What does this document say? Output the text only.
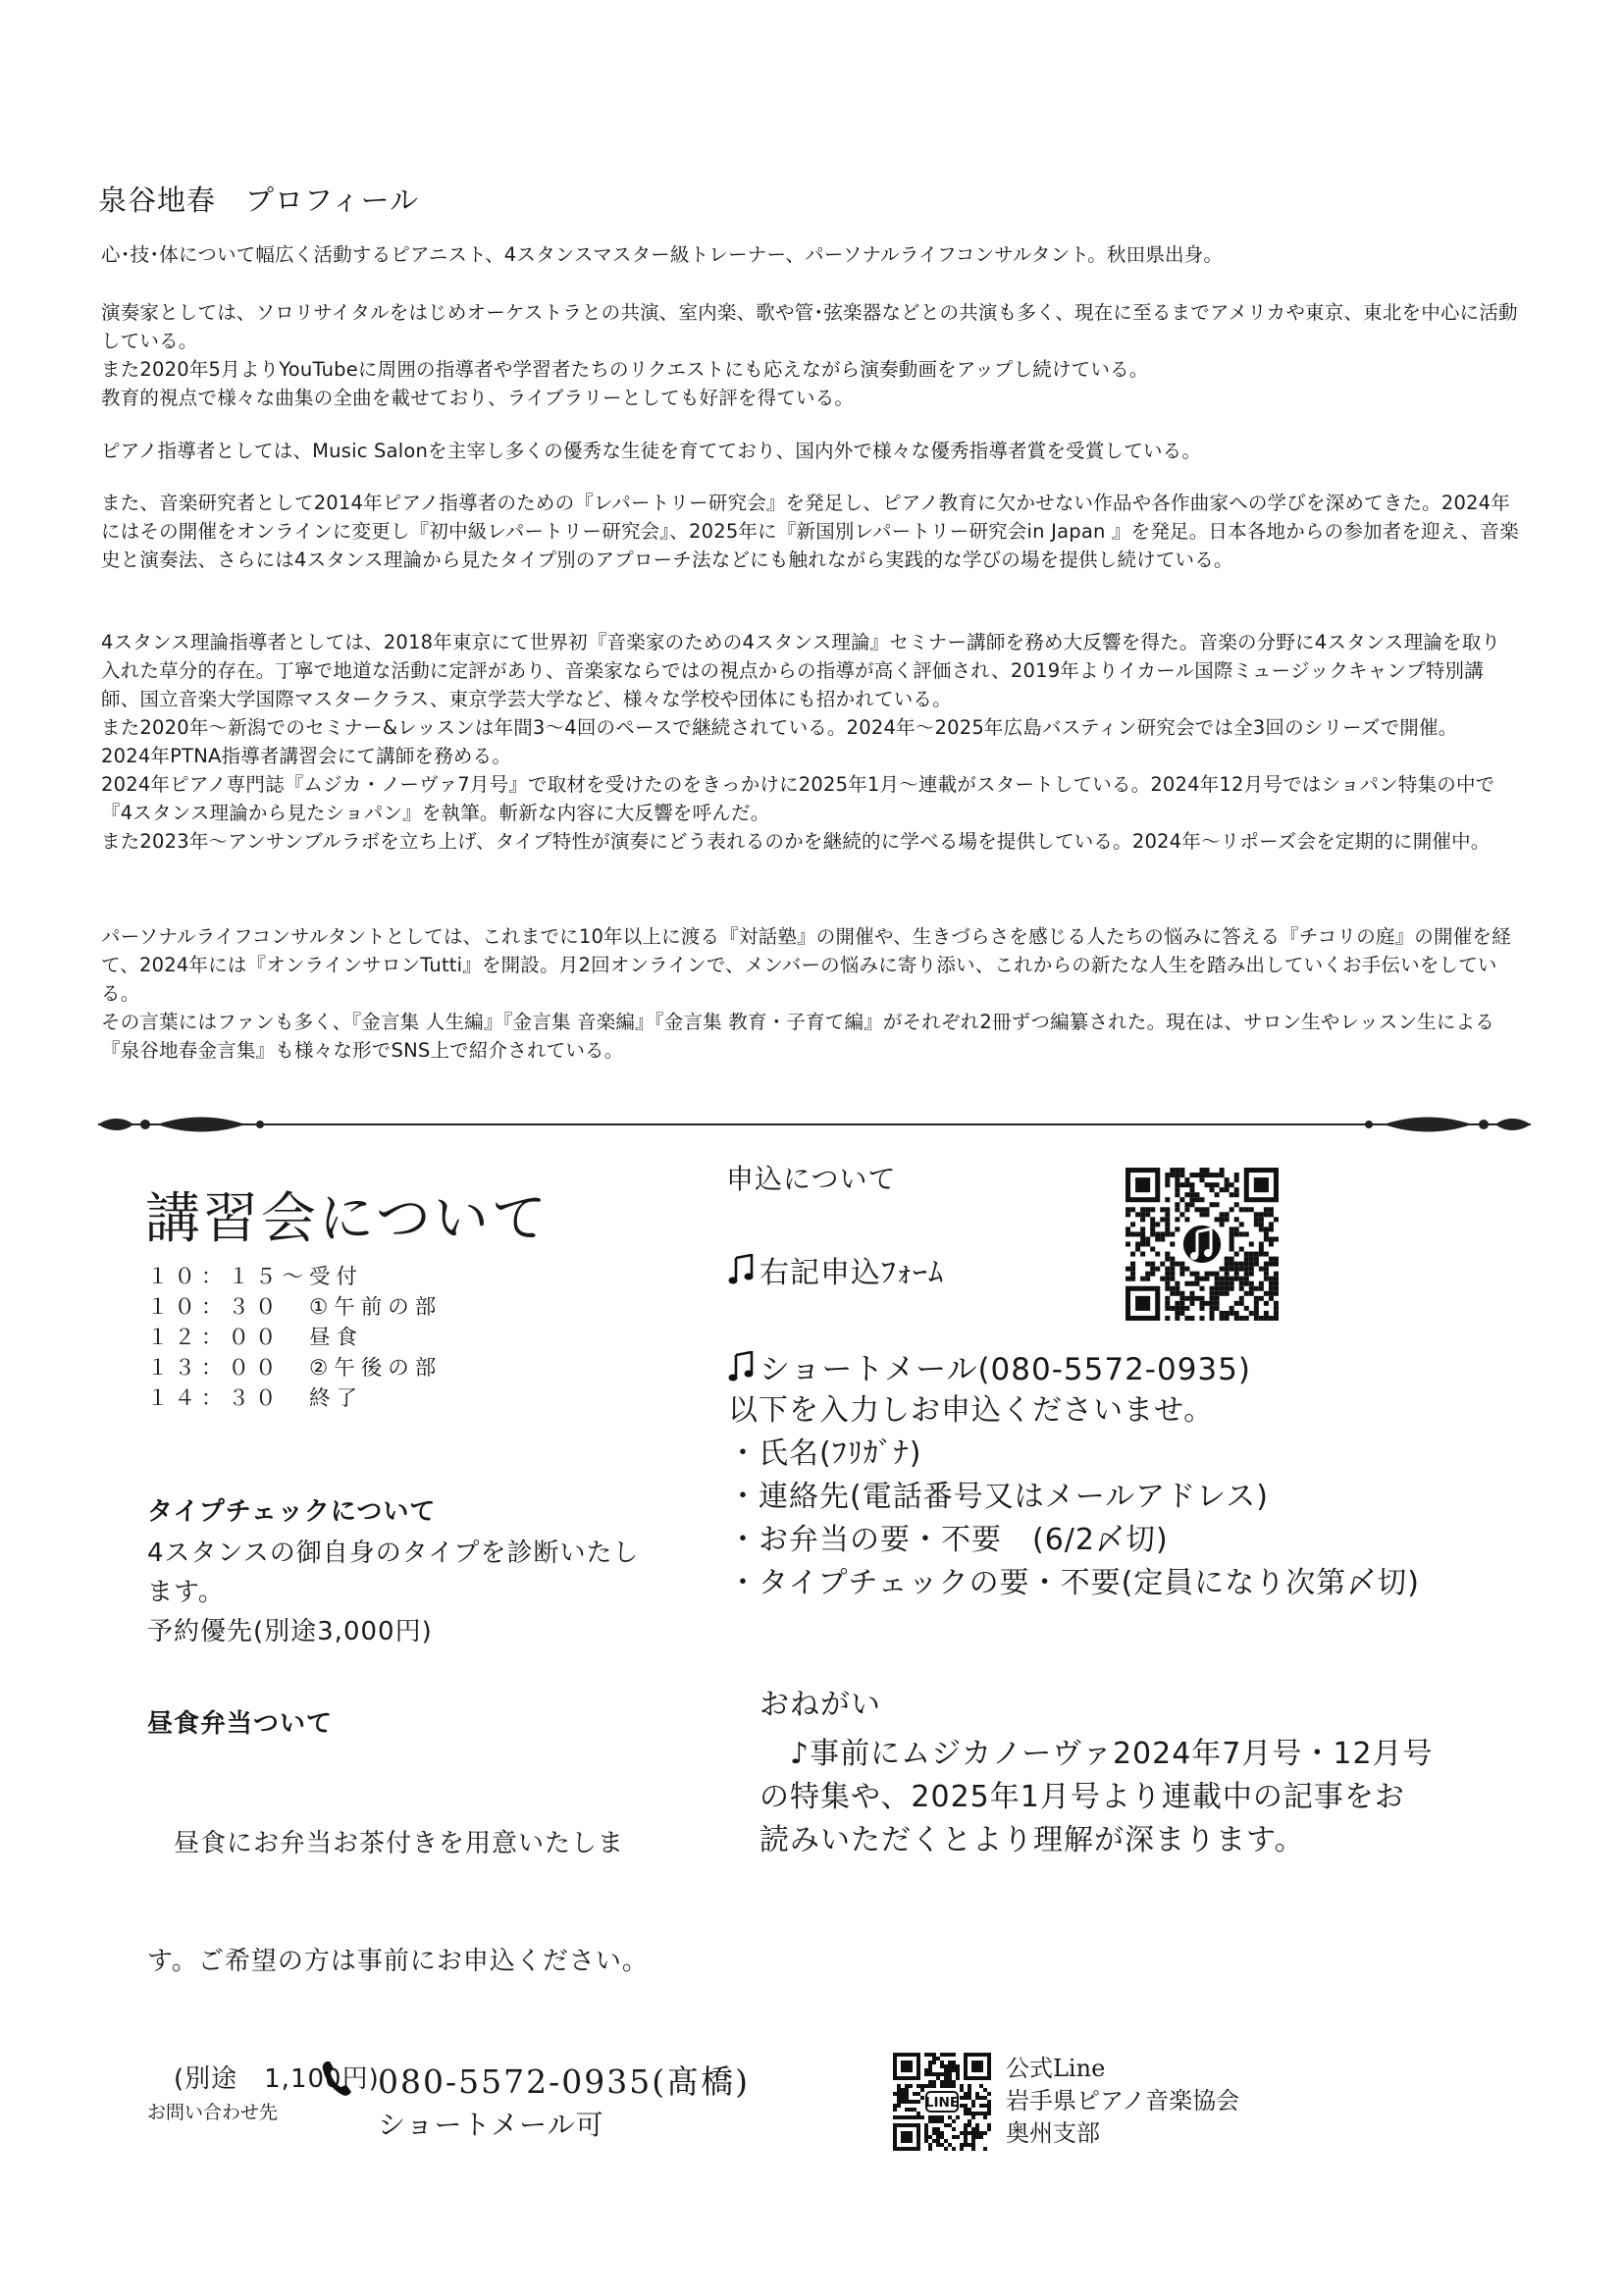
泉谷地春　プロフィール

心･技･体について幅広く活動するピアニスト、4スタンスマスター級トレーナー、パーソナルライフコンサルタント。秋田県出身。

演奏家としては、ソロリサイタルをはじめオーケストラとの共演、室内楽、歌や管･弦楽器などとの共演も多く、現在に至るまでアメリカや東京、東北を中心に活動している。

また2020年5月よりYouTubeに周囲の指導者や学習者たちのリクエストにも応えながら演奏動画をアップし続けている。

教育的視点で様々な曲集の全曲を載せており、ライブラリーとしても好評を得ている。

ピアノ指導者としては、Music Salonを主宰し多くの優秀な生徒を育てており、国内外で様々な優秀指導者賞を受賞している。

また、音楽研究者として2014年ピアノ指導者のための『レパートリー研究会』を発足し、ピアノ教育に欠かせない作品や各作曲家への学びを深めてきた。2024年にはその開催をオンラインに変更し『初中級レパートリー研究会』、2025年に『新国別レパートリー研究会in Japan 』を発足。日本各地からの参加者を迎え、音楽史と演奏法、さらには4スタンス理論から見たタイプ別のアプローチ法などにも触れながら実践的な学びの場を提供し続けている。

4スタンス理論指導者としては、2018年東京にて世界初『音楽家のための4スタンス理論』セミナー講師を務め大反響を得た。音楽の分野に4スタンス理論を取り入れた草分的存在。丁寧で地道な活動に定評があり、音楽家ならではの視点からの指導が高く評価され、2019年よりイカール国際ミュージックキャンプ特別講師、国立音楽大学国際マスタークラス、東京学芸大学など、様々な学校や団体にも招かれている。

また2020年～新潟でのセミナー&レッスンは年間3～4回のペースで継続されている。2024年～2025年広島バスティン研究会では全3回のシリーズで開催。

2024年PTNA指導者講習会にて講師を務める。

2024年ピアノ専門誌『ムジカ・ノーヴァ7月号』で取材を受けたのをきっかけに2025年1月～連載がスタートしている。2024年12月号ではショパン特集の中で『4スタンス理論から見たショパン』を執筆。斬新な内容に大反響を呼んだ。

また2023年～アンサンブルラボを立ち上げ、タイプ特性が演奏にどう表れるのかを継続的に学べる場を提供している。2024年～リポーズ会を定期的に開催中。

パーソナルライフコンサルタントとしては、これまでに10年以上に渡る『対話塾』の開催や、生きづらさを感じる人たちの悩みに答える『チコリの庭』の開催を経て、2024年には『オンラインサロンTutti』を開設。月2回オンラインで、メンバーの悩みに寄り添い、これからの新たな人生を踏み出していくお手伝いをしている。

その言葉にはファンも多く、『金言集 人生編』『金言集 音楽編』『金言集 教育・子育て編』がそれぞれ2冊ずつ編纂された。現在は、サロン生やレッスン生による『泉谷地春金言集』も様々な形でSNS上で紹介されている。

講習会について
１０：１５～受付
１０：３０　①午前の部
１２：００　昼食
１３：００　②午後の部
１４：３０　終了
タイプチェックについて
4スタンスの御自身のタイプを診断いたし
ます。
予約優先(別途3,000円)
昼食弁当ついて

　昼食にお弁当お茶付きを用意いたしま

す。ご希望の方は事前にお申込ください。

　(別途　1,100円)

申込について
右記申込ﾌｫｰﾑ
ショートメール(080-5572-0935)
以下を入力しお申込くださいませ。
・氏名(ﾌﾘｶﾞﾅ)
・連絡先(電話番号又はメールアドレス)
・お弁当の要・不要　(6/2〆切)
・タイプチェックの要・不要(定員になり次第〆切)
おねがい
　♪事前にムジカノーヴァ2024年7月号・12月号
の特集や、2025年1月号より連載中の記事をお
読みいただくとより理解が深まります。
お問い合わせ先
080-5572-0935(髙橋)
ショートメール可
LINE
公式Line
岩手県ピアノ音楽協会
奥州支部
